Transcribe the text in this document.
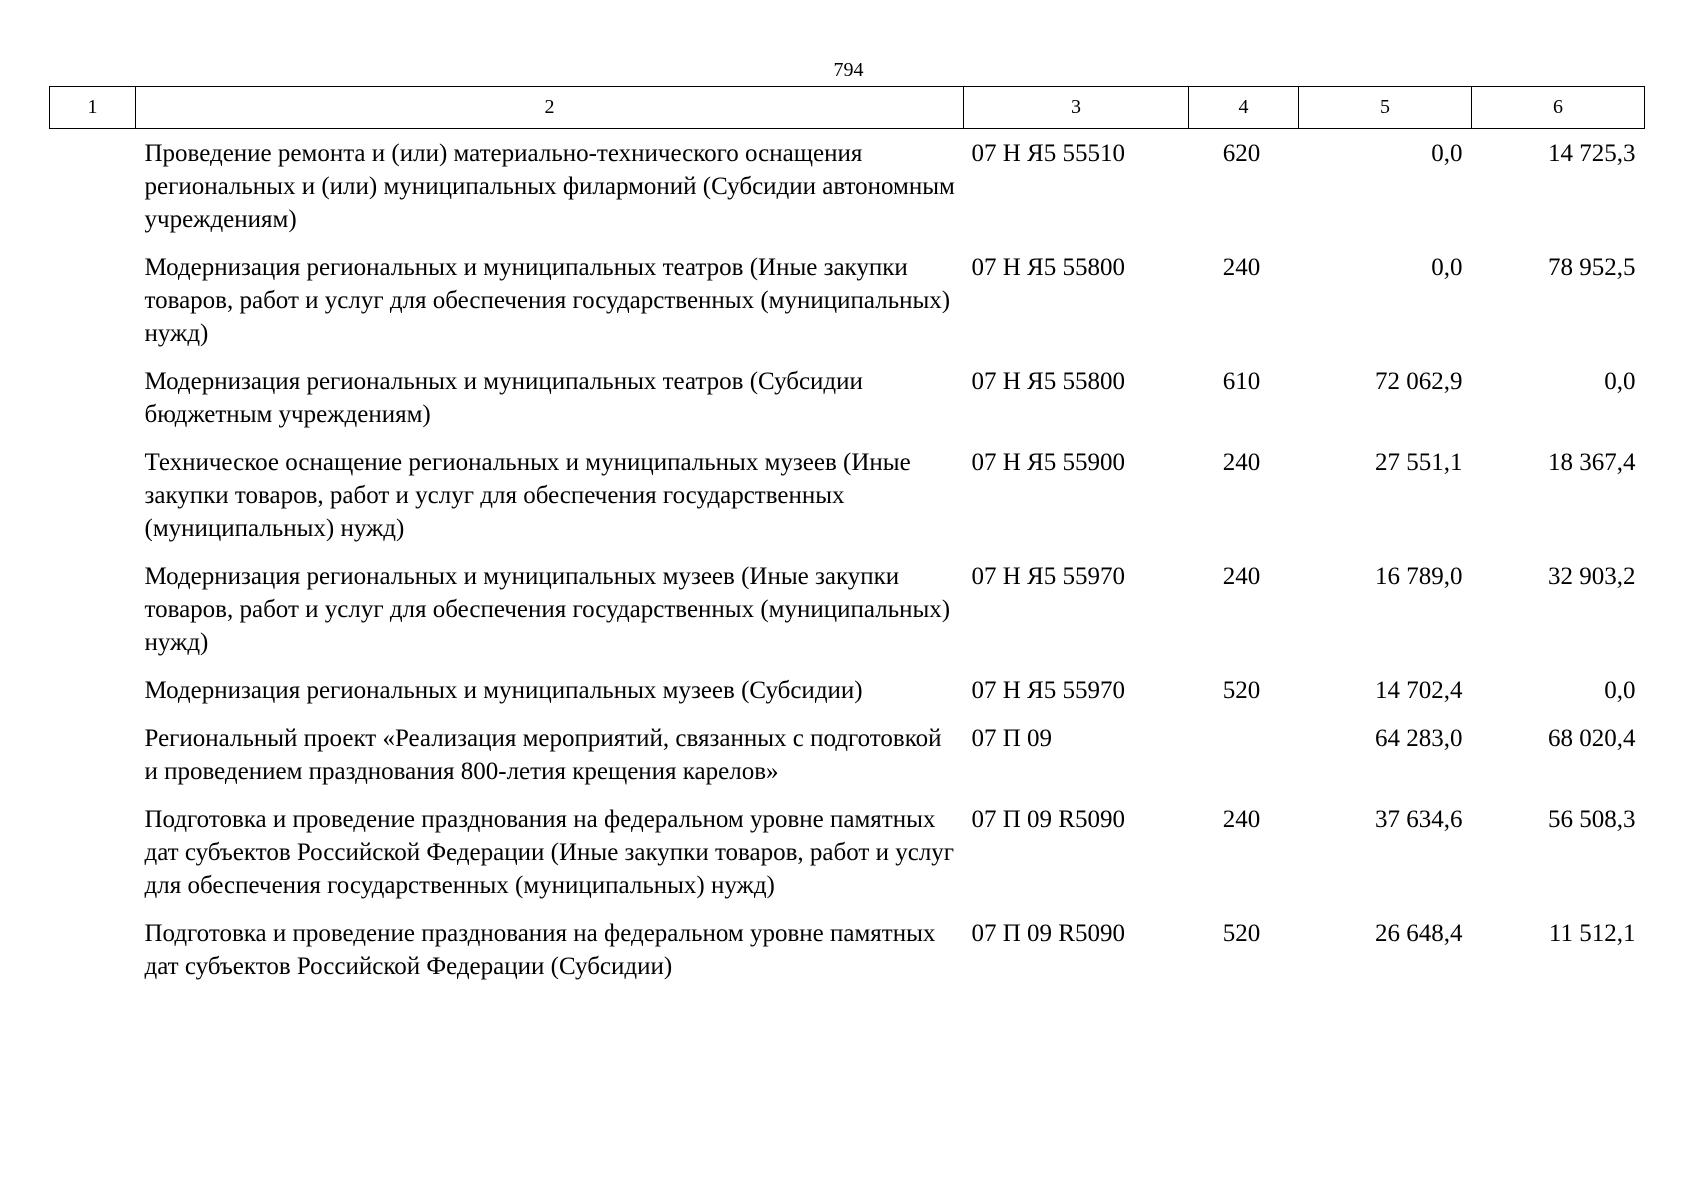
794
1	2	3	4	5	6
	Проведение ремонта и (или) материально-технического оснащения региональных и (или) муниципальных филармоний (Субсидии автономным учреждениям)	07 Н Я5 55510	620	0,0	14 725,3
	Модернизация региональных и муниципальных театров (Иные закупки товаров, работ и услуг для обеспечения государственных (муниципальных) нужд)	07 Н Я5 55800	240	0,0	78 952,5
	Модернизация региональных и муниципальных театров (Субсидии бюджетным учреждениям)	07 Н Я5 55800	610	72 062,9	0,0
	Техническое оснащение региональных и муниципальных музеев (Иные закупки товаров, работ и услуг для обеспечения государственных (муниципальных) нужд)	07 Н Я5 55900	240	27 551,1	18 367,4
	Модернизация региональных и муниципальных музеев (Иные закупки товаров, работ и услуг для обеспечения государственных (муниципальных) нужд)	07 Н Я5 55970	240	16 789,0	32 903,2
	Модернизация региональных и муниципальных музеев (Субсидии)	07 Н Я5 55970	520	14 702,4	0,0
	Региональный проект «Реализация мероприятий, связанных с подготовкой и проведением празднования 800-летия крещения карелов»	07 П 09		64 283,0	68 020,4
	Подготовка и проведение празднования на федеральном уровне памятных дат субъектов Российской Федерации (Иные закупки товаров, работ и услуг для обеспечения государственных (муниципальных) нужд)	07 П 09 R5090	240	37 634,6	56 508,3
	Подготовка и проведение празднования на федеральном уровне памятных дат субъектов Российской Федерации (Субсидии)	07 П 09 R5090	520	26 648,4	11 512,1
